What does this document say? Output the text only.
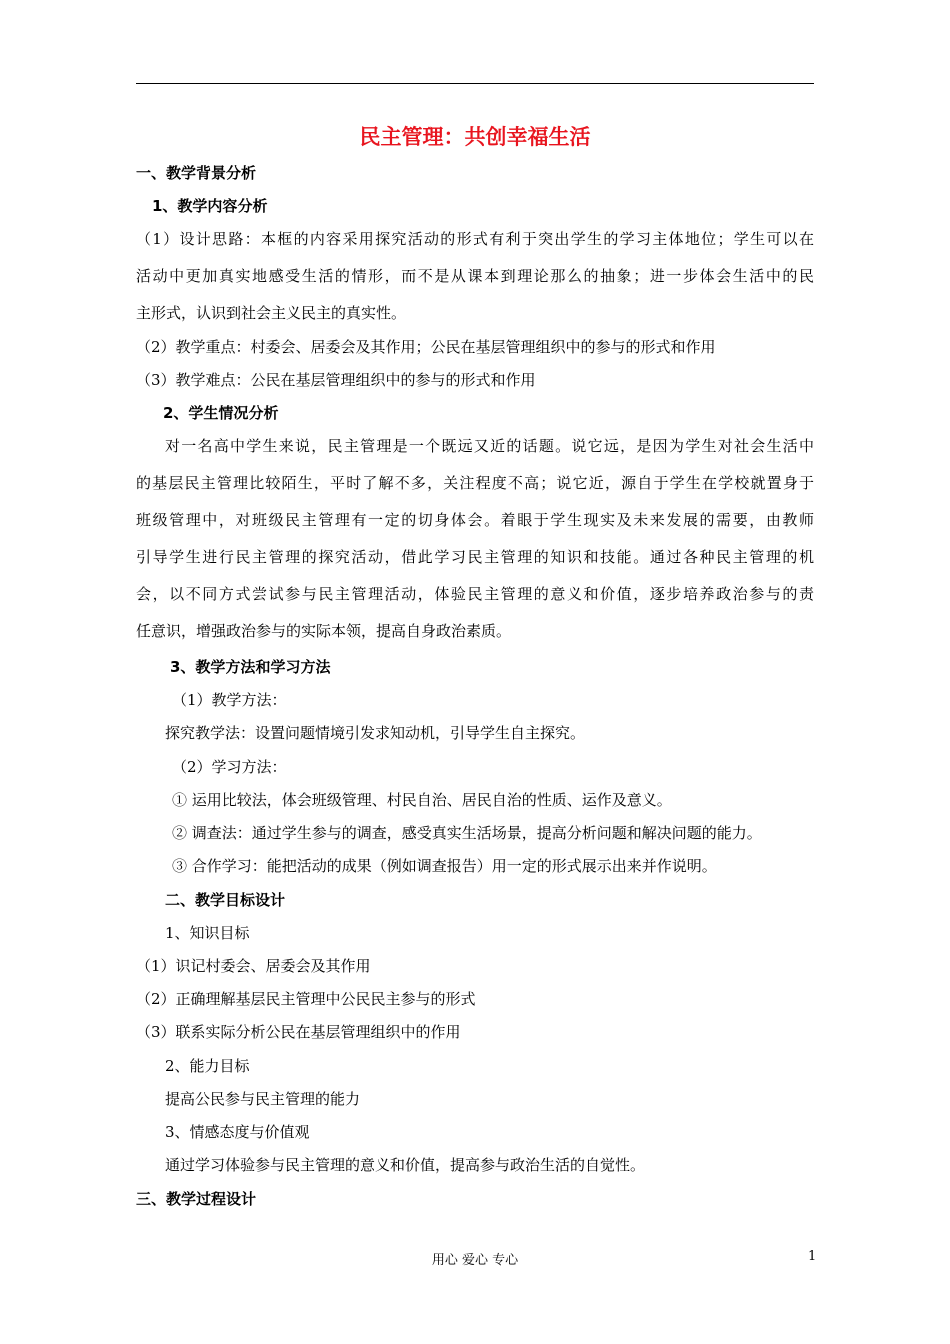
民主管理：共创幸福生活
一、教学背景分析
1、教学内容分析
（1）设计思路：本框的内容采用探究活动的形式有利于突出学生的学习主体地位；学生可以在
活动中更加真实地感受生活的情形，而不是从课本到理论那么的抽象；进一步体会生活中的民
主形式，认识到社会主义民主的真实性。
（2）教学重点：村委会、居委会及其作用；公民在基层管理组织中的参与的形式和作用
（3）教学难点：公民在基层管理组织中的参与的形式和作用
2、学生情况分析
对一名高中学生来说，民主管理是一个既远又近的话题。说它远，是因为学生对社会生活中
的基层民主管理比较陌生，平时了解不多，关注程度不高；说它近，源自于学生在学校就置身于
班级管理中，对班级民主管理有一定的切身体会。着眼于学生现实及未来发展的需要，由教师
引导学生进行民主管理的探究活动，借此学习民主管理的知识和技能。通过各种民主管理的机
会，以不同方式尝试参与民主管理活动，体验民主管理的意义和价值，逐步培养政治参与的责
任意识，增强政治参与的实际本领，提高自身政治素质。
3、教学方法和学习方法
（1）教学方法：
探究教学法：设置问题情境引发求知动机，引导学生自主探究。
（2）学习方法：
① 运用比较法，体会班级管理、村民自治、居民自治的性质、运作及意义。
② 调查法：通过学生参与的调查，感受真实生活场景，提高分析问题和解决问题的能力。
③ 合作学习：能把活动的成果（例如调查报告）用一定的形式展示出来并作说明。
二、教学目标设计
1、知识目标
（1）识记村委会、居委会及其作用
（2）正确理解基层民主管理中公民民主参与的形式
（3）联系实际分析公民在基层管理组织中的作用
2、能力目标
提高公民参与民主管理的能力
3、情感态度与价值观
通过学习体验参与民主管理的意义和价值，提高参与政治生活的自觉性。
三、教学过程设计
用心 爱心 专心	1
